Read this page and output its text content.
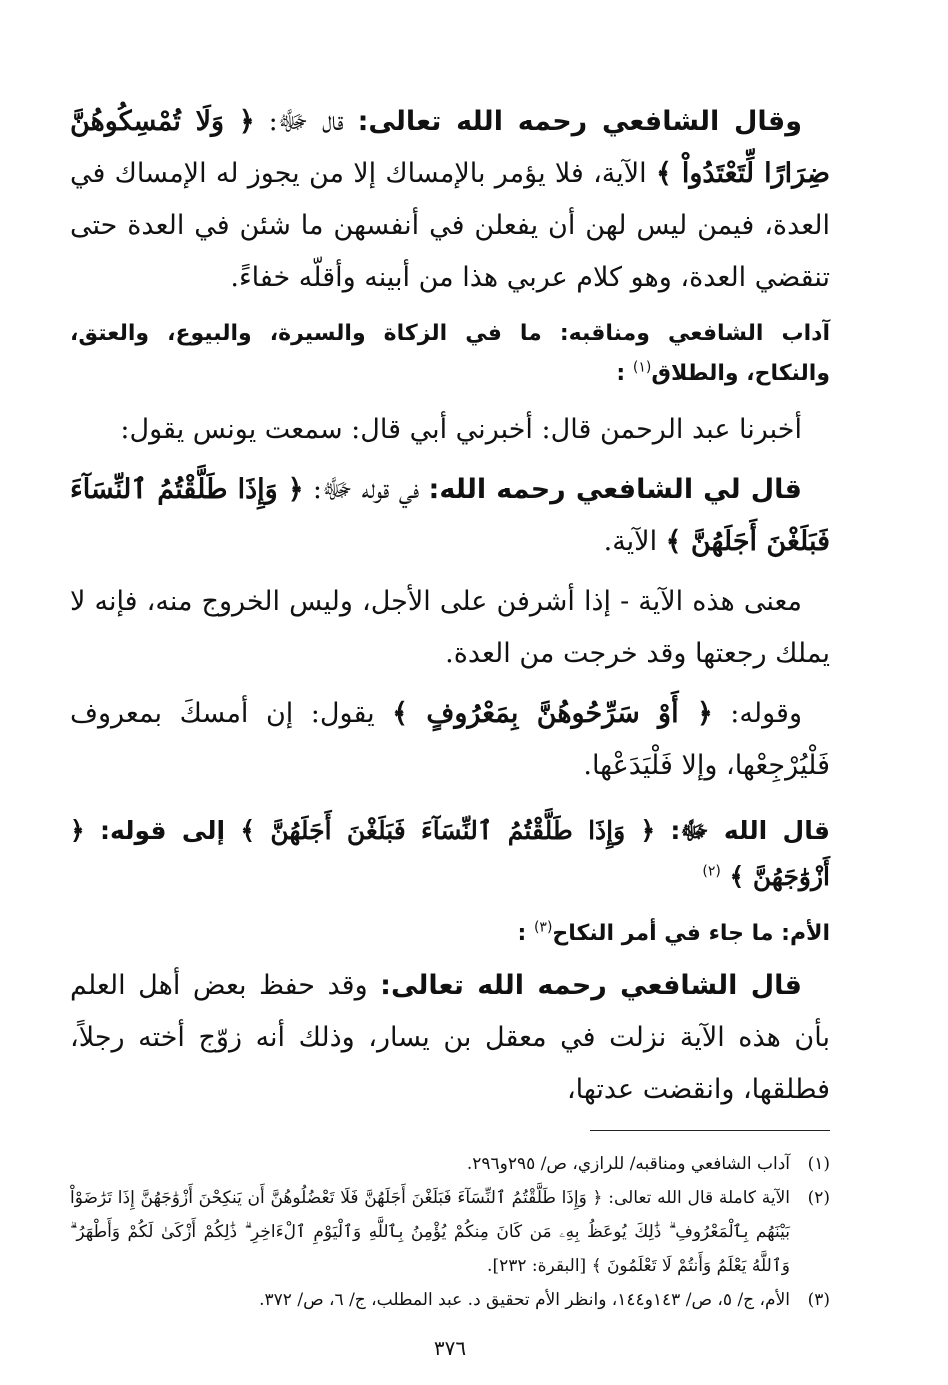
وقال الشافعي رحمه الله تعالى: قال ﷻ: ﴿ وَلَا تُمْسِكُوهُنَّ ضِرَارًا لِّتَعْتَدُواْ ﴾ الآية، فلا يؤمر بالإمساك إلا من يجوز له الإمساك في العدة، فيمن ليس لهن أن يفعلن في أنفسهن ما شئن في العدة حتى تنقضي العدة، وهو كلام عربي هذا من أبينه وأقلّه خفاءً.

آداب الشافعي ومناقبه: ما في الزكاة والسيرة، والبيوع، والعتق، والنكاح، والطلاق$^{(١)}$ :

أخبرنا عبد الرحمن قال: أخبرني أبي قال: سمعت يونس يقول:

قال لي الشافعي رحمه الله: في قوله ﷻ: ﴿ وَإِذَا طَلَّقْتُمُ ٱلنِّسَآءَ فَبَلَغْنَ أَجَلَهُنَّ ﴾ الآية.

معنى هذه الآية - إذا أشرفن على الأجل، وليس الخروج منه، فإنه لا يملك رجعتها وقد خرجت من العدة.

وقوله: ﴿ أَوْ سَرِّحُوهُنَّ بِمَعْرُوفٍ ﴾ يقول: إن أمسكَ بمعروف فَلْيُرْجِعْها، وإلا فَلْيَدَعْها.

قال الله ﷻ: ﴿ وَإِذَا طَلَّقْتُمُ ٱلنِّسَآءَ فَبَلَغْنَ أَجَلَهُنَّ ﴾ إلى قوله: ﴿ أَزْوَٰجَهُنَّ ﴾ $^{(٢)}$
الأم: ما جاء في أمر النكاح$^{(٣)}$ :

قال الشافعي رحمه الله تعالى: وقد حفظ بعض أهل العلم بأن هذه الآية نزلت في معقل بن يسار، وذلك أنه زوّج أخته رجلاً، فطلقها، وانقضت عدتها،

(١)
آداب الشافعي ومناقبه/ للرازي، ص/ ٢٩٥و٢٩٦.
(٢)
الآية كاملة قال الله تعالى: ﴿ وَإِذَا طَلَّقْتُمُ ٱلنِّسَآءَ فَبَلَغْنَ أَجَلَهُنَّ فَلَا تَعْضُلُوهُنَّ أَن يَنكِحْنَ أَزْوَٰجَهُنَّ إِذَا تَرَٰضَوْاْ بَيْنَهُم بِٱلْمَعْرُوفِ ۗ ذَٰلِكَ يُوعَظُ بِهِۦ مَن كَانَ مِنكُمْ يُؤْمِنُ بِٱللَّهِ وَٱلْيَوْمِ ٱلْءَاخِرِ ۗ ذَٰلِكُمْ أَزْكَىٰ لَكُمْ وَأَطْهَرُ ۗ وَٱللَّهُ يَعْلَمُ وَأَنتُمْ لَا تَعْلَمُونَ ﴾ [البقرة: ٢٣٢].
(٣)
الأم، ج/ ٥، ص/ ١٤٣و١٤٤، وانظر الأم تحقيق د. عبد المطلب، ج/ ٦، ص/ ٣٧٢.
٣٧٦
